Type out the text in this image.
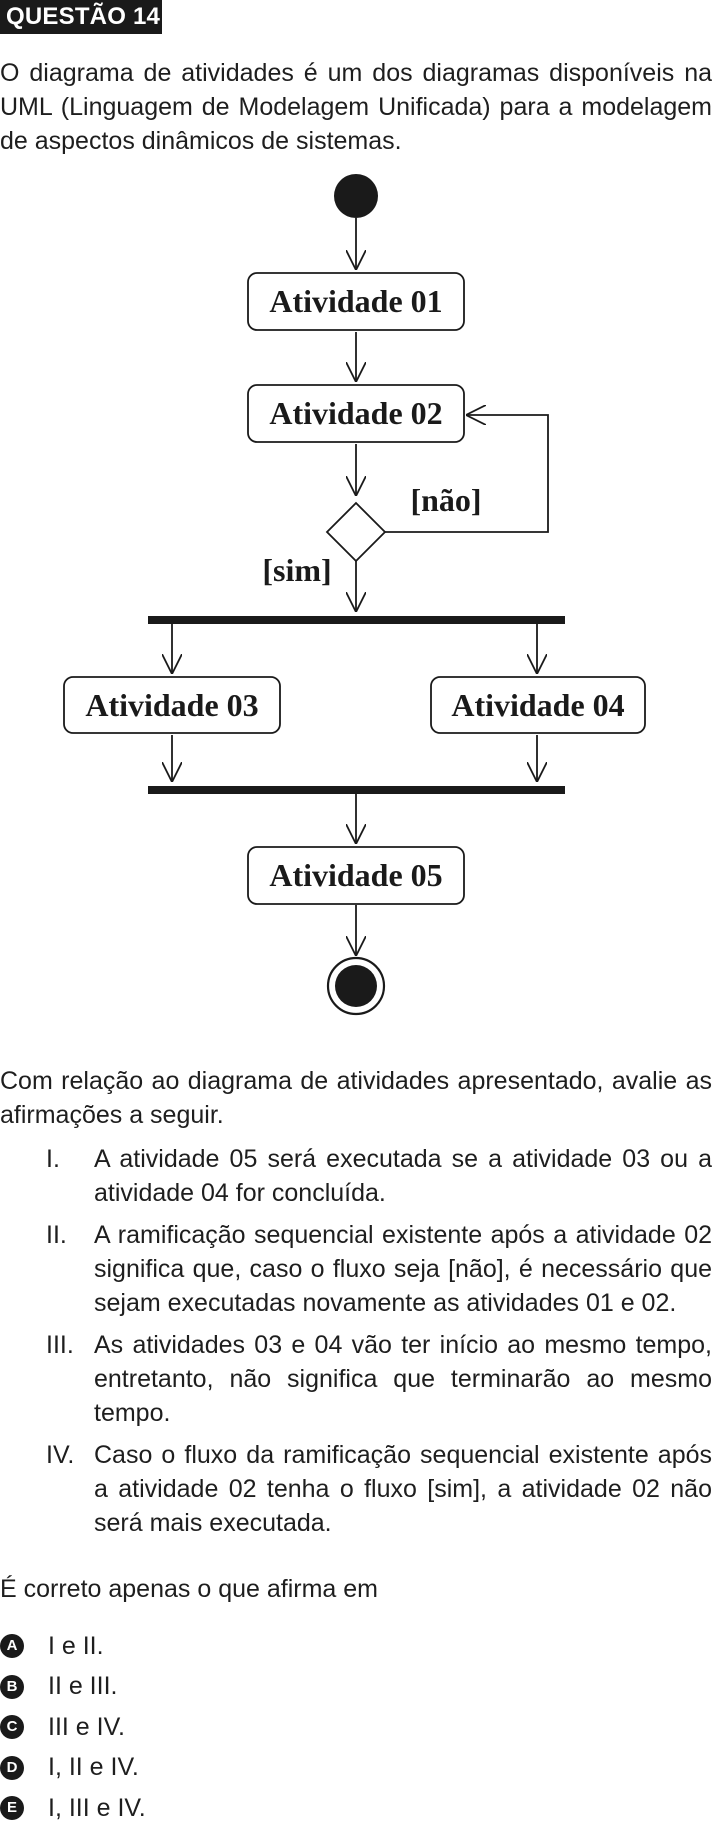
QUESTÃO 14

O diagrama de atividades é um dos diagramas disponíveis na UML (Linguagem de Modelagem Unificada) para a modelagem de aspectos dinâmicos de sistemas.

Atividade 01
Atividade 02
[não]
[sim]
Atividade 03	Atividade 04
Atividade 05

Com relação ao diagrama de atividades apresentado, avalie as afirmações a seguir.

I. A atividade 05 será executada se a atividade 03 ou a atividade 04 for concluída.
II. A ramificação sequencial existente após a atividade 02 significa que, caso o fluxo seja [não], é necessário que sejam executadas novamente as atividades 01 e 02.
III. As atividades 03 e 04 vão ter início ao mesmo tempo, entretanto, não significa que terminarão ao mesmo tempo.
IV. Caso o fluxo da ramificação sequencial existente após a atividade 02 tenha o fluxo [sim], a atividade 02 não será mais executada.

É correto apenas o que afirma em

A I e II.
B II e III.
C III e IV.
D I, II e IV.
E I, III e IV.
